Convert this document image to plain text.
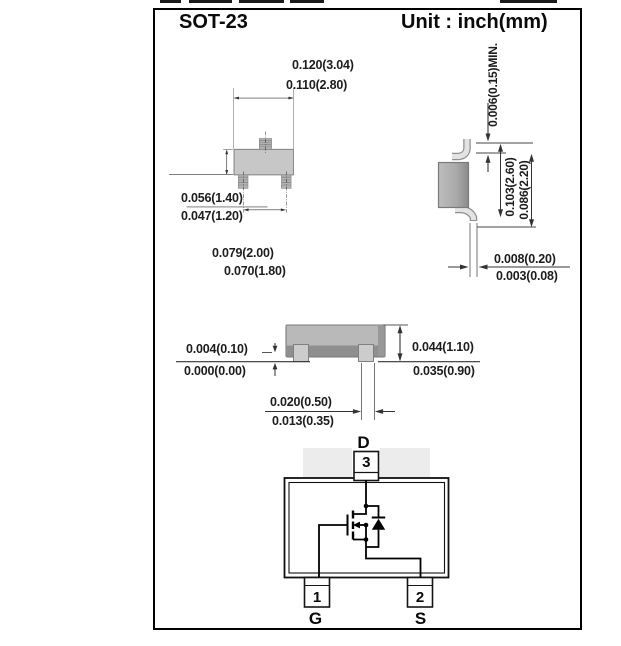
SOT-23	Unit : inch(mm)
0.120(3.04)
0.110(2.80)
0.056(1.40)
0.047(1.20)
0.079(2.00)
0.070(1.80)
0.006(0.15)MIN.
0.103(2.60) 0.086(2.20)
0.008(0.20)
0.003(0.08)
0.004(0.10)
0.000(0.00)
0.044(1.10)
0.035(0.90)
0.020(0.50)
0.013(0.35)
D
3
1	2
G	S
